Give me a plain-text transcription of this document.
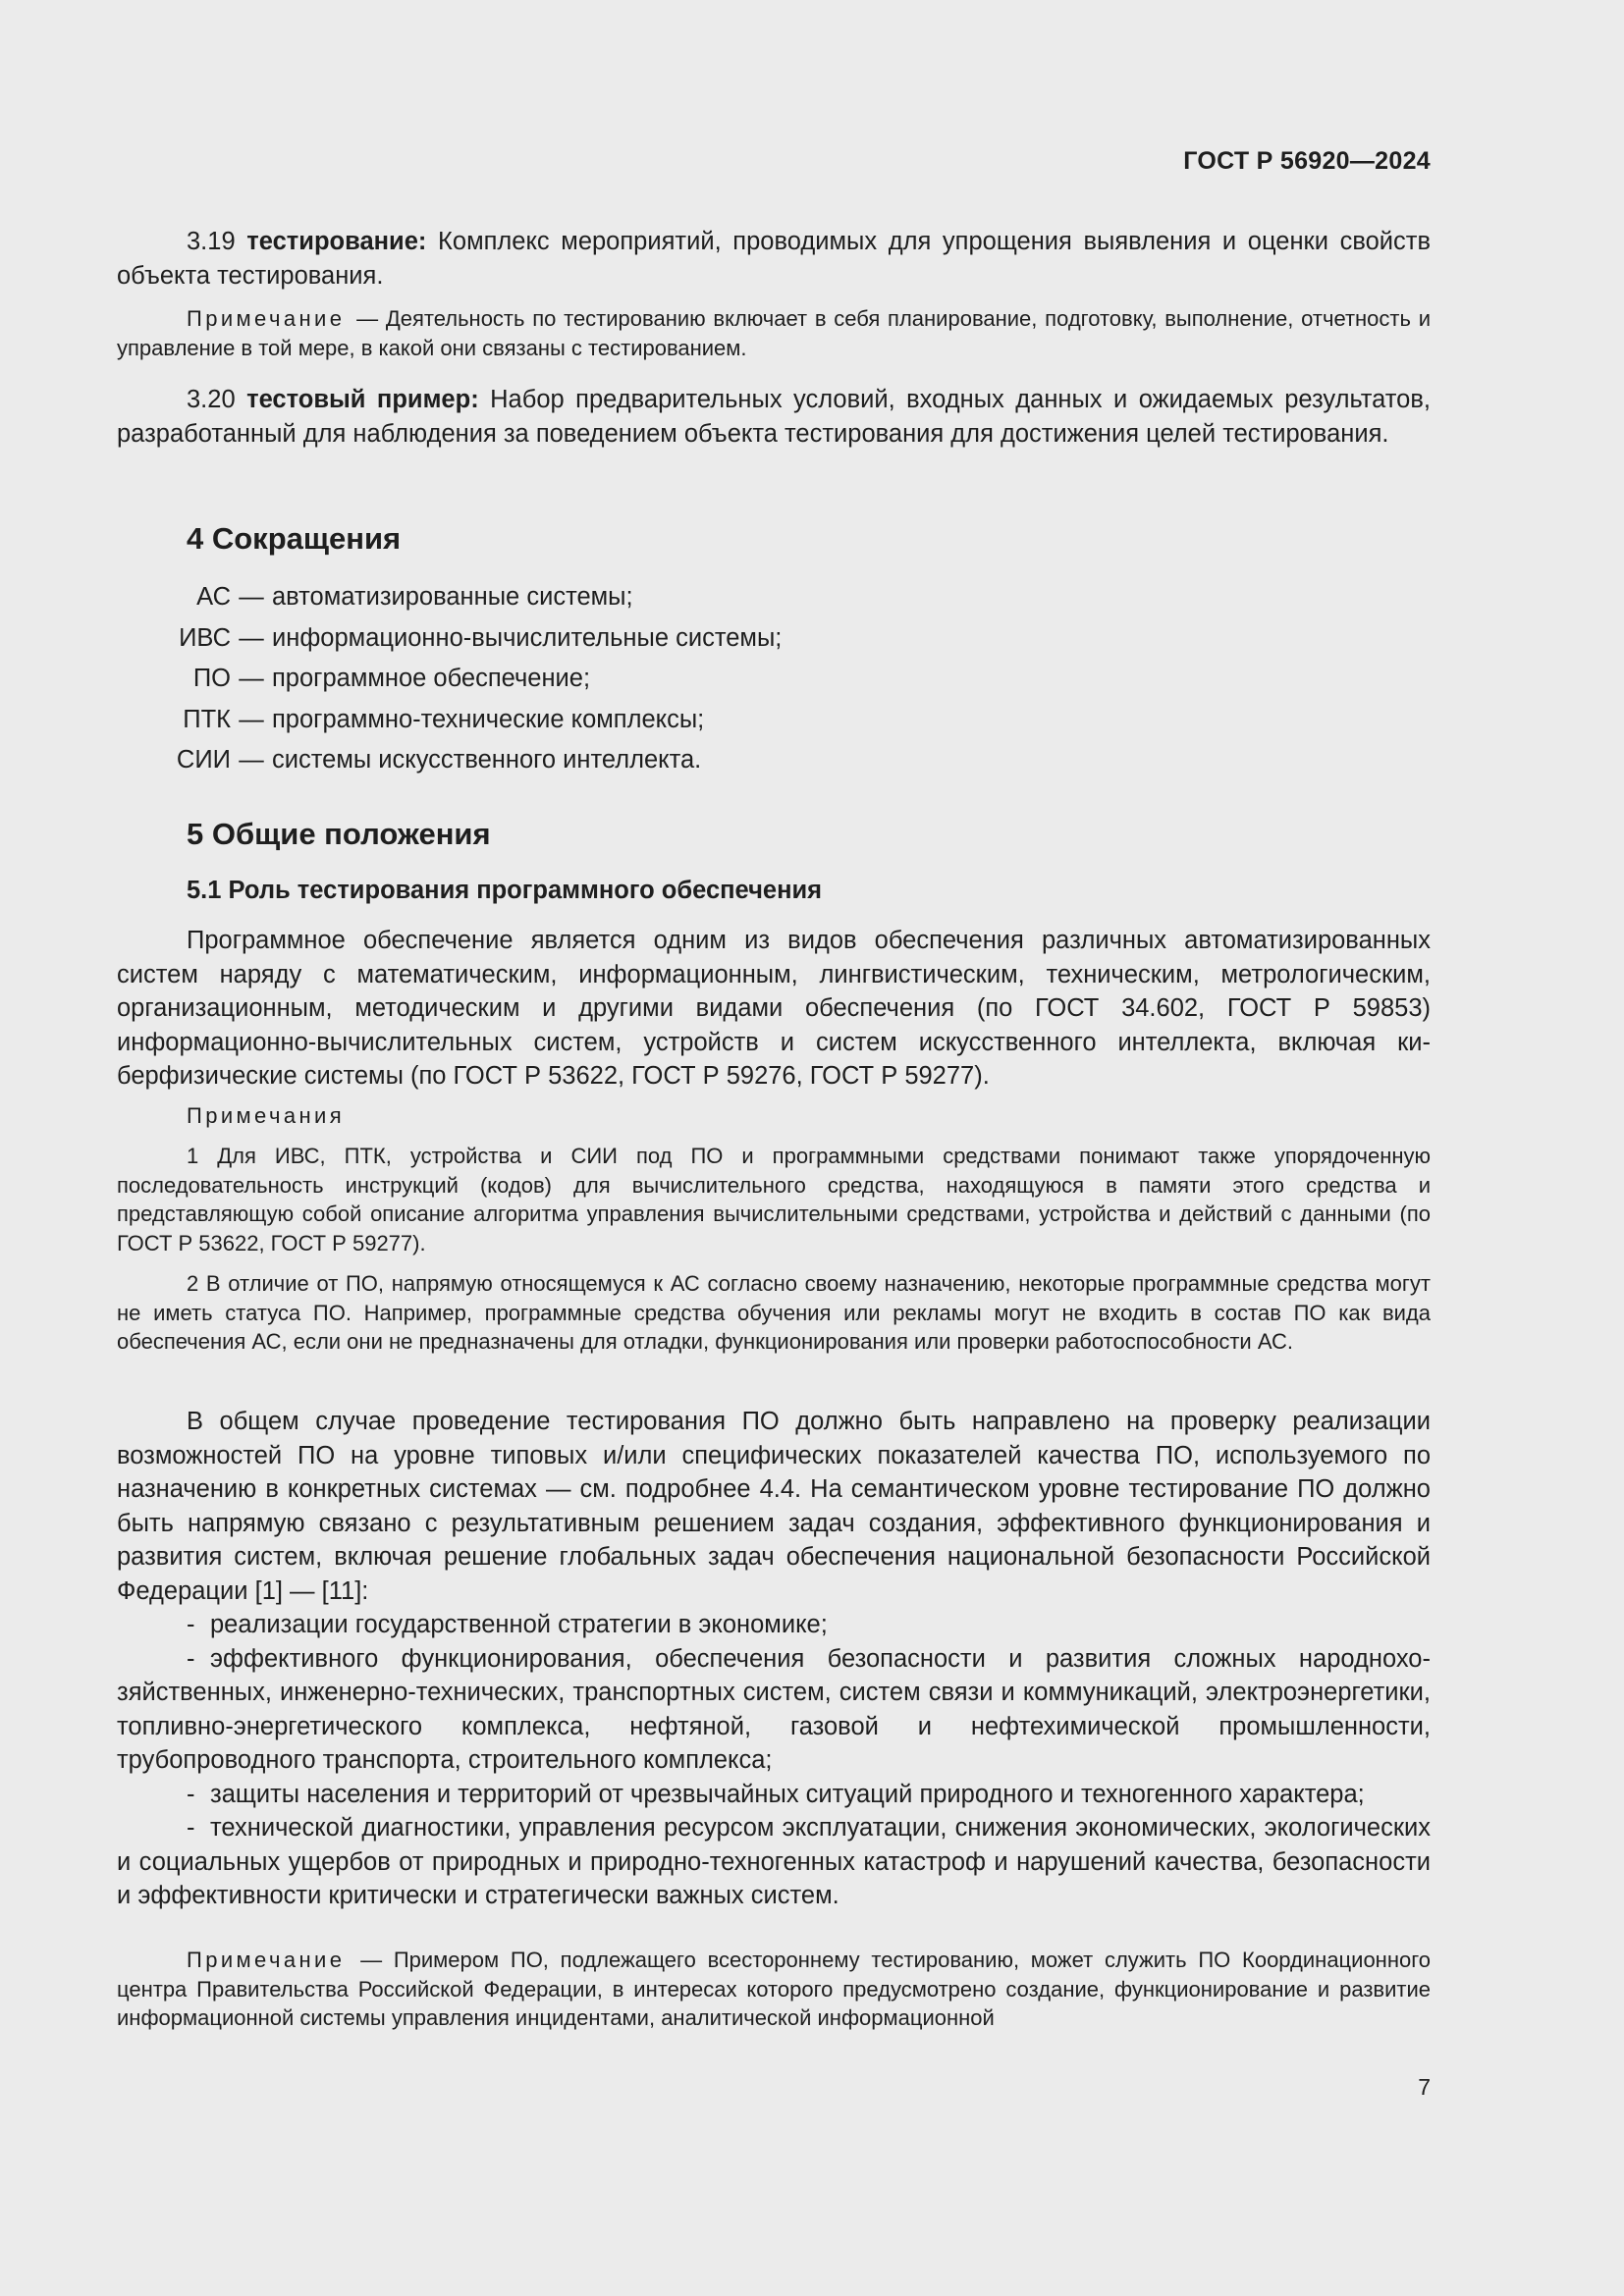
ГОСТ Р 56920—2024

3.19 тестирование: Комплекс мероприятий, проводимых для упрощения выявления и оценки свойств объекта тестирования.

Примечание — Деятельность по тестированию включает в себя планирование, подготовку, выполнение, отчетность и управление в той мере, в какой они связаны с тестированием.

3.20 тестовый пример: Набор предварительных условий, входных данных и ожидаемых результатов, разработанный для наблюдения за поведением объекта тестирования для достижения целей тестирования.

4 Сокращения
АС — автоматизированные системы;
ИВС — информационно-вычислительные системы;
ПО — программное обеспечение;
ПТК — программно-технические комплексы;
СИИ — системы искусственного интеллекта.
5 Общие положения
5.1 Роль тестирования программного обеспечения

Программное обеспечение является одним из видов обеспечения различных автоматизированных систем наряду с математическим, информационным, лингвистическим, техническим, метрологическим, организационным, методическим и другими видами обеспечения (по ГОСТ 34.602, ГОСТ Р 59853) информационно-вычислительных систем, устройств и систем искусственного интеллекта, включая киберфизические системы (по ГОСТ Р 53622, ГОСТ Р 59276, ГОСТ Р 59277).

Примечания

1 Для ИВС, ПТК, устройства и СИИ под ПО и программными средствами понимают также упорядоченную последовательность инструкций (кодов) для вычислительного средства, находящуюся в памяти этого средства и представляющую собой описание алгоритма управления вычислительными средствами, устройства и действий с данными (по ГОСТ Р 53622, ГОСТ Р 59277).

2 В отличие от ПО, напрямую относящемуся к АС согласно своему назначению, некоторые программные средства могут не иметь статуса ПО. Например, программные средства обучения или рекламы могут не входить в состав ПО как вида обеспечения АС, если они не предназначены для отладки, функционирования или проверки работоспособности АС.

В общем случае проведение тестирования ПО должно быть направлено на проверку реализации возможностей ПО на уровне типовых и/или специфических показателей качества ПО, используемого по назначению в конкретных системах — см. подробнее 4.4. На семантическом уровне тестирование ПО должно быть напрямую связано с результативным решением задач создания, эффективного функционирования и развития систем, включая решение глобальных задач обеспечения национальной безопасности Российской Федерации [1] — [11]:

- реализации государственной стратегии в экономике;

- эффективного функционирования, обеспечения безопасности и развития сложных народнохозяйственных, инженерно-технических, транспортных систем, систем связи и коммуникаций, электроэнергетики, топливно-энергетического комплекса, нефтяной, газовой и нефтехимической промышленности, трубопроводного транспорта, строительного комплекса;

- защиты населения и территорий от чрезвычайных ситуаций природного и техногенного характера;

- технической диагностики, управления ресурсом эксплуатации, снижения экономических, экологических и социальных ущербов от природных и природно-техногенных катастроф и нарушений качества, безопасности и эффективности критически и стратегически важных систем.

Примечание — Примером ПО, подлежащего всестороннему тестированию, может служить ПО Координационного центра Правительства Российской Федерации, в интересах которого предусмотрено создание, функционирование и развитие информационной системы управления инцидентами, аналитической информационной

7
